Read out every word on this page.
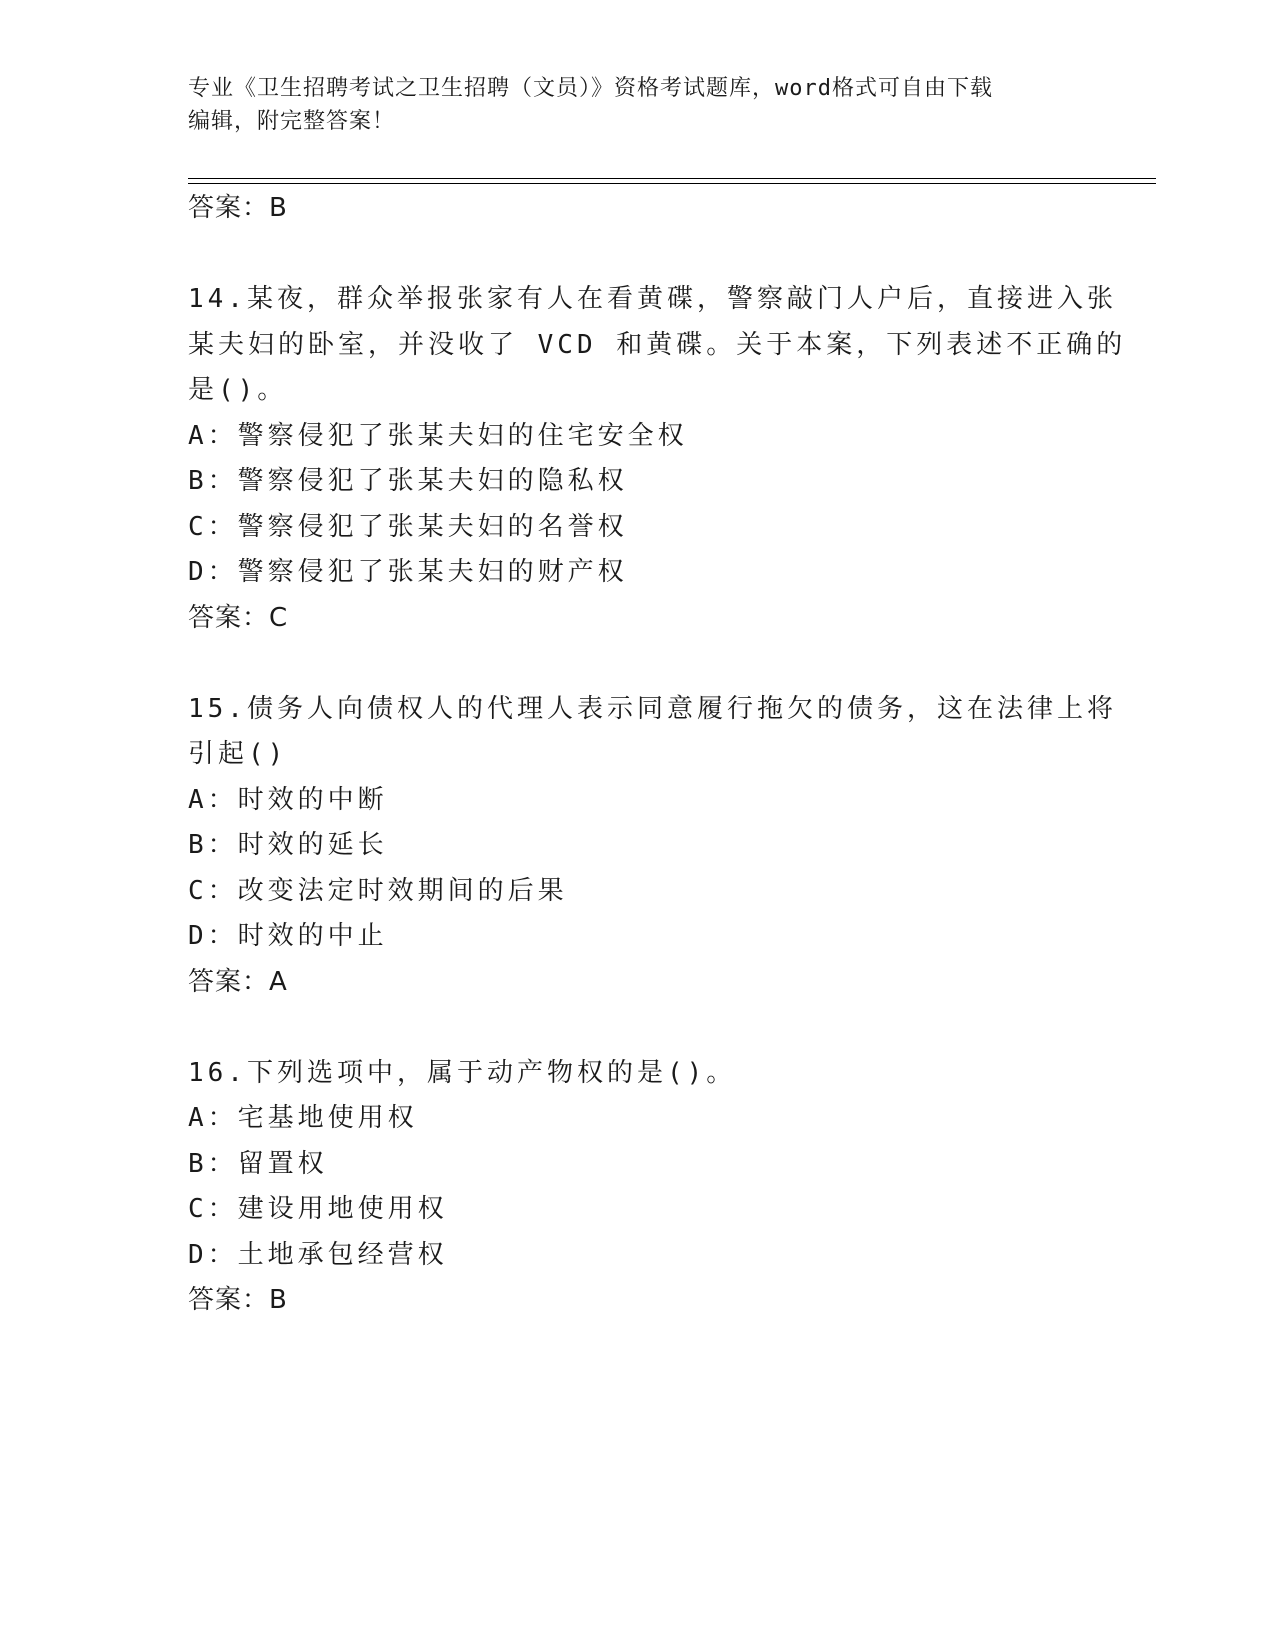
专业《卫生招聘考试之卫生招聘（文员）》资格考试题库，word格式可自由下载
编辑，附完整答案！
答案：B
14.某夜，群众举报张家有人在看黄碟，警察敲门人户后，直接进入张
某夫妇的卧室，并没收了 VCD 和黄碟。关于本案，下列表述不正确的
是()。
A：警察侵犯了张某夫妇的住宅安全权
B：警察侵犯了张某夫妇的隐私权
C：警察侵犯了张某夫妇的名誉权
D：警察侵犯了张某夫妇的财产权
答案：C
15.债务人向债权人的代理人表示同意履行拖欠的债务，这在法律上将
引起()
A：时效的中断
B：时效的延长
C：改变法定时效期间的后果
D：时效的中止
答案：A
16.下列选项中，属于动产物权的是()。
A：宅基地使用权
B：留置权
C：建设用地使用权
D：土地承包经营权
答案：B
